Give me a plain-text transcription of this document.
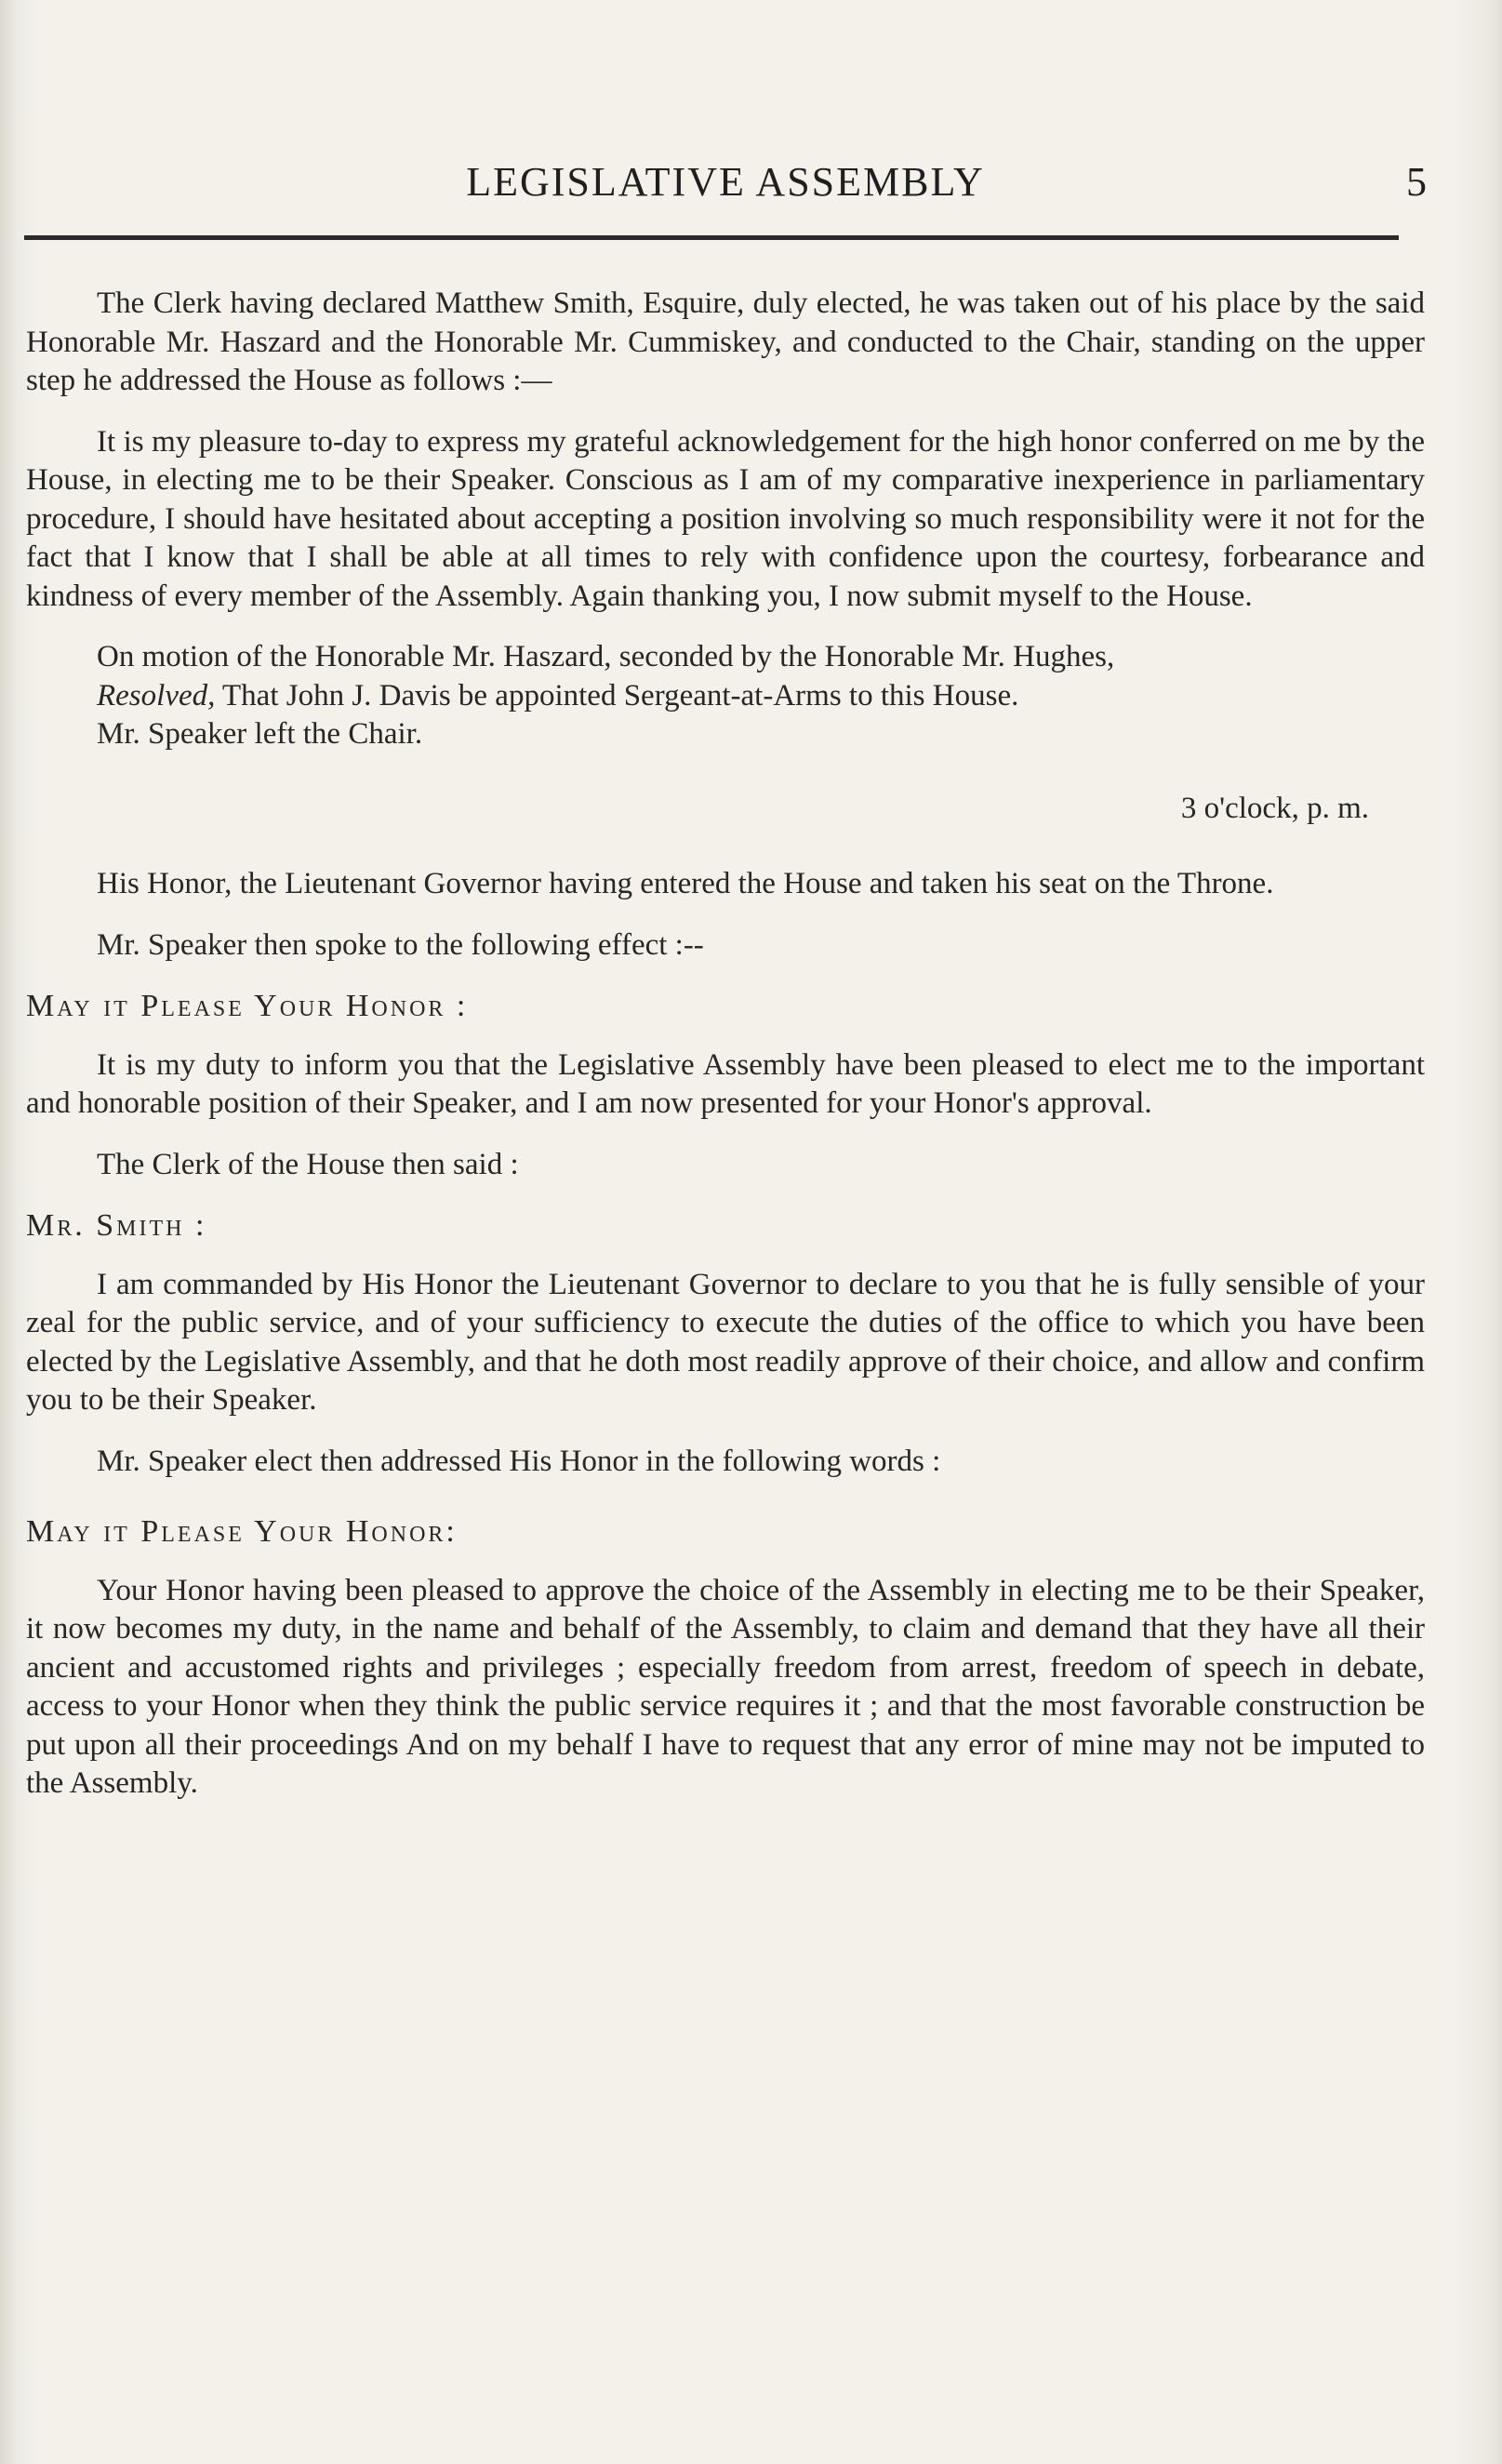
LEGISLATIVE ASSEMBLY	5

The Clerk having declared Matthew Smith, Esquire, duly elected, he was taken out of his place by the said Honorable Mr. Haszard and the Honorable Mr. Cummiskey, and conducted to the Chair, standing on the upper step he addressed the House as follows :—

It is my pleasure to-day to express my grateful acknowledgement for the high honor conferred on me by the House, in electing me to be their Speaker. Conscious as I am of my comparative inexperience in parliamentary procedure, I should have hesitated about accepting a position involving so much responsibility were it not for the fact that I know that I shall be able at all times to rely with confidence upon the courtesy, forbearance and kindness of every member of the Assembly. Again thanking you, I now submit myself to the House.

On motion of the Honorable Mr. Haszard, seconded by the Honorable Mr. Hughes,

Resolved, That John J. Davis be appointed Sergeant-at-Arms to this House.

Mr. Speaker left the Chair.

3 o'clock, p. m.

His Honor, the Lieutenant Governor having entered the House and taken his seat on the Throne.

Mr. Speaker then spoke to the following effect :--

May it Please Your Honor :

It is my duty to inform you that the Legislative Assembly have been pleased to elect me to the important and honorable position of their Speaker, and I am now presented for your Honor's approval.

The Clerk of the House then said :

Mr. Smith :

I am commanded by His Honor the Lieutenant Governor to declare to you that he is fully sensible of your zeal for the public service, and of your sufficiency to execute the duties of the office to which you have been elected by the Legislative Assembly, and that he doth most readily approve of their choice, and allow and confirm you to be their Speaker.

Mr. Speaker elect then addressed His Honor in the following words :

May it Please Your Honor:

Your Honor having been pleased to approve the choice of the Assembly in electing me to be their Speaker, it now becomes my duty, in the name and behalf of the Assembly, to claim and demand that they have all their ancient and accustomed rights and privileges ; especially freedom from arrest, freedom of speech in debate, access to your Honor when they think the public service requires it ; and that the most favorable construction be put upon all their proceedings And on my behalf I have to request that any error of mine may not be imputed to the Assembly.
